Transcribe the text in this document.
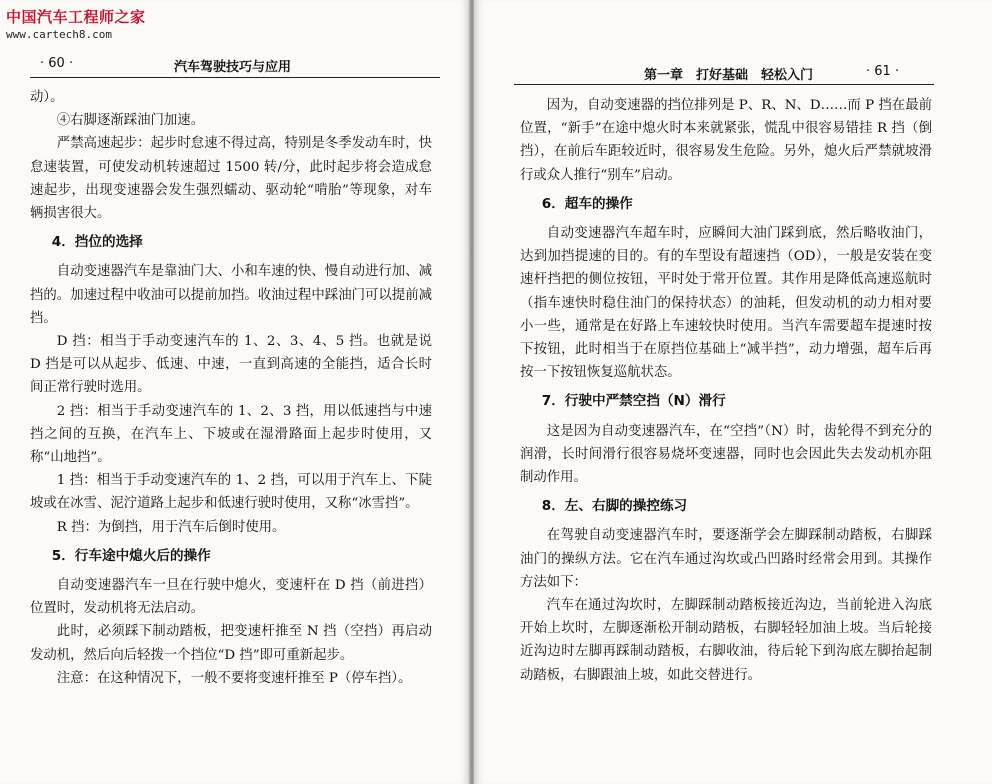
中国汽车工程师之家
www.cartech8.com
· 60 ·	汽车驾驶技巧与应用

动）。

④右脚逐渐踩油门加速。

严禁高速起步：起步时怠速不得过高，特别是冬季发动车时，快怠速装置，可使发动机转速超过 1500 转/分，此时起步将会造成怠速起步，出现变速器会发生强烈蠕动、驱动轮“啃胎”等现象，对车辆损害很大。

4．挡位的选择

自动变速器汽车是靠油门大、小和车速的快、慢自动进行加、减挡的。加速过程中收油可以提前加挡。收油过程中踩油门可以提前减挡。

D 挡：相当于手动变速汽车的 1、2、3、4、5 挡。也就是说 D 挡是可以从起步、低速、中速，一直到高速的全能挡，适合长时间正常行驶时选用。

2 挡：相当于手动变速汽车的 1、2、3 挡，用以低速挡与中速挡之间的互换，在汽车上、下坡或在湿滑路面上起步时使用，又称“山地挡”。

1 挡：相当于手动变速汽车的 1、2 挡，可以用于汽车上、下陡坡或在冰雪、泥泞道路上起步和低速行驶时使用，又称“冰雪挡”。

R 挡：为倒挡，用于汽车后倒时使用。

5．行车途中熄火后的操作

自动变速器汽车一旦在行驶中熄火，变速杆在 D 挡（前进挡）位置时，发动机将无法启动。

此时，必须踩下制动踏板，把变速杆推至 N 挡（空挡）再启动发动机，然后向后轻拨一个挡位“D 挡”即可重新起步。

注意：在这种情况下，一般不要将变速杆推至 P（停车挡）。

第一章　打好基础　轻松入门	· 61 ·

因为，自动变速器的挡位排列是 P、R、N、D……而 P 挡在最前位置，“新手”在途中熄火时本来就紧张，慌乱中很容易错挂 R 挡（倒挡），在前后车距较近时，很容易发生危险。另外，熄火后严禁就坡滑行或众人推行“别车”启动。

6．超车的操作

自动变速器汽车超车时，应瞬间大油门踩到底，然后略收油门，达到加挡提速的目的。有的车型设有超速挡（OD），一般是安装在变速杆挡把的侧位按钮，平时处于常开位置。其作用是降低高速巡航时（指车速快时稳住油门的保持状态）的油耗，但发动机的动力相对要小一些，通常是在好路上车速较快时使用。当汽车需要超车提速时按下按钮，此时相当于在原挡位基础上“减半挡”，动力增强，超车后再按一下按钮恢复巡航状态。

7．行驶中严禁空挡（N）滑行

这是因为自动变速器汽车，在“空挡”（N）时，齿轮得不到充分的润滑，长时间滑行很容易烧坏变速器，同时也会因此失去发动机亦阻制动作用。

8．左、右脚的操控练习

在驾驶自动变速器汽车时，要逐渐学会左脚踩制动踏板，右脚踩油门的操纵方法。它在汽车通过沟坎或凸凹路时经常会用到。其操作方法如下：

汽车在通过沟坎时，左脚踩制动踏板接近沟边，当前轮进入沟底开始上坎时，左脚逐渐松开制动踏板，右脚轻轻加油上坡。当后轮接近沟边时左脚再踩制动踏板，右脚收油，待后轮下到沟底左脚抬起制动踏板，右脚跟油上坡，如此交替进行。
